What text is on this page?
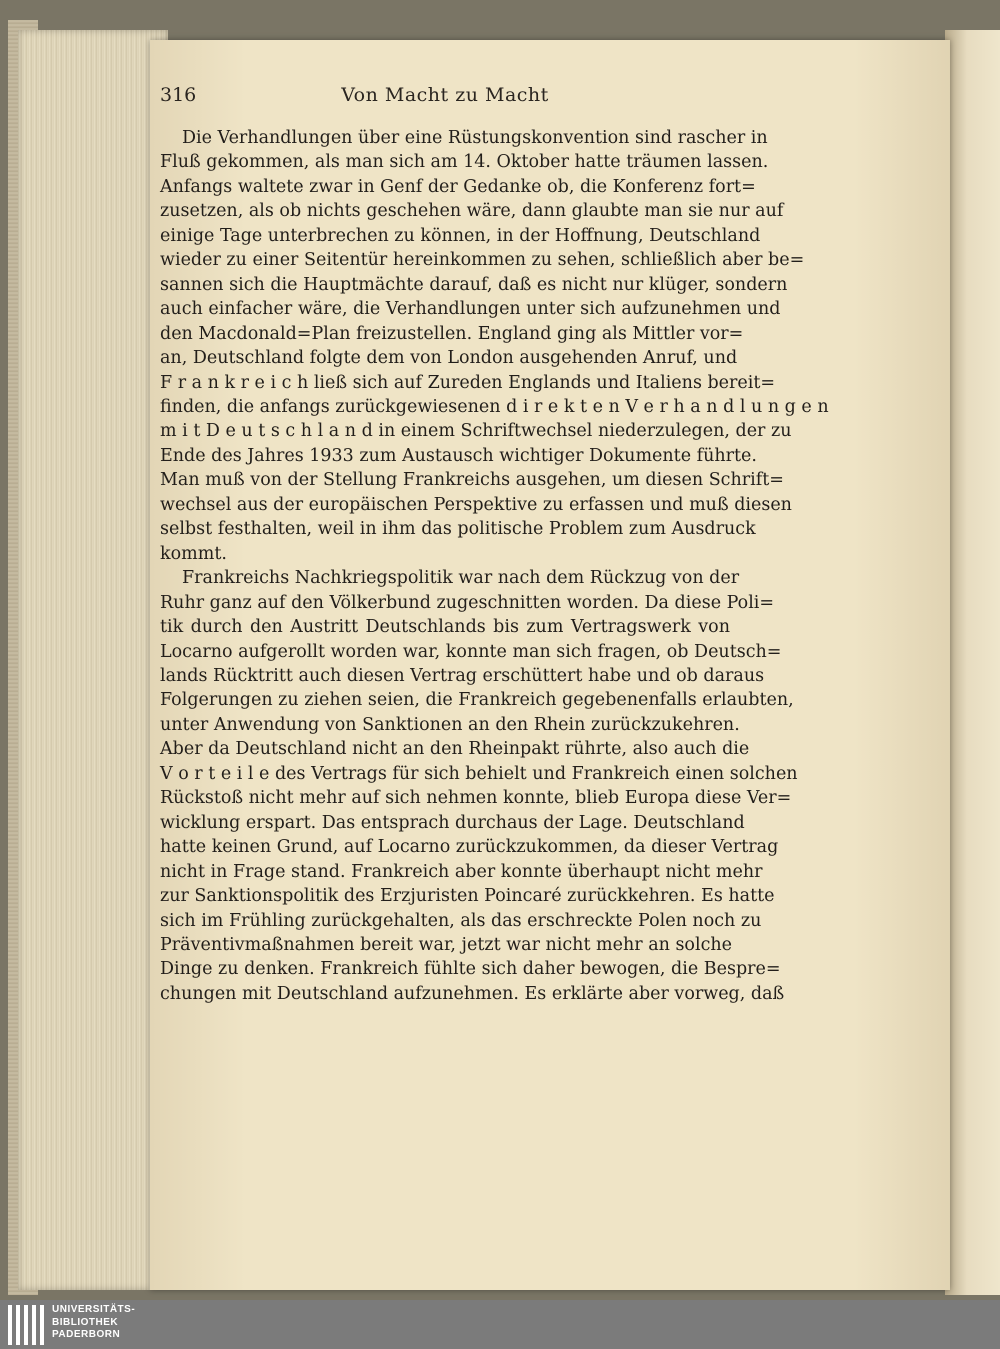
316	Von Macht zu Macht
Die Verhandlungen über eine Rüstungskonvention sind rascher in
Fluß gekommen, als man sich am 14. Oktober hatte träumen lassen.
Anfangs waltete zwar in Genf der Gedanke ob, die Konferenz fort=
zusetzen, als ob nichts geschehen wäre, dann glaubte man sie nur auf
einige Tage unterbrechen zu können, in der Hoffnung, Deutschland
wieder zu einer Seitentür hereinkommen zu sehen, schließlich aber be=
sannen sich die Hauptmächte darauf, daß es nicht nur klüger, sondern
auch einfacher wäre, die Verhandlungen unter sich aufzunehmen und
den Macdonald=Plan freizustellen. England ging als Mittler vor=
an, Deutschland folgte dem von London ausgehenden Anruf, und
F r a n k r e i c h ließ sich auf Zureden Englands und Italiens bereit=
finden, die anfangs zurückgewiesenen d i r e k t e n V e r h a n d l u n g e n
m i t D e u t s c h l a n d in einem Schriftwechsel niederzulegen, der zu
Ende des Jahres 1933 zum Austausch wichtiger Dokumente führte.
Man muß von der Stellung Frankreichs ausgehen, um diesen Schrift=
wechsel aus der europäischen Perspektive zu erfassen und muß diesen
selbst festhalten, weil in ihm das politische Problem zum Ausdruck
kommt.
Frankreichs Nachkriegspolitik war nach dem Rückzug von der
Ruhr ganz auf den Völkerbund zugeschnitten worden. Da diese Poli=
tik durch den Austritt Deutschlands bis zum Vertragswerk von
Locarno aufgerollt worden war, konnte man sich fragen, ob Deutsch=
lands Rücktritt auch diesen Vertrag erschüttert habe und ob daraus
Folgerungen zu ziehen seien, die Frankreich gegebenenfalls erlaubten,
unter Anwendung von Sanktionen an den Rhein zurückzukehren.
Aber da Deutschland nicht an den Rheinpakt rührte, also auch die
V o r t e i l e des Vertrags für sich behielt und Frankreich einen solchen
Rückstoß nicht mehr auf sich nehmen konnte, blieb Europa diese Ver=
wicklung erspart. Das entsprach durchaus der Lage. Deutschland
hatte keinen Grund, auf Locarno zurückzukommen, da dieser Vertrag
nicht in Frage stand. Frankreich aber konnte überhaupt nicht mehr
zur Sanktionspolitik des Erzjuristen Poincaré zurückkehren. Es hatte
sich im Frühling zurückgehalten, als das erschreckte Polen noch zu
Präventivmaßnahmen bereit war, jetzt war nicht mehr an solche
Dinge zu denken. Frankreich fühlte sich daher bewogen, die Bespre=
chungen mit Deutschland aufzunehmen. Es erklärte aber vorweg, daß
UNIVERSITÄTS-
BIBLIOTHEK
PADERBORN
